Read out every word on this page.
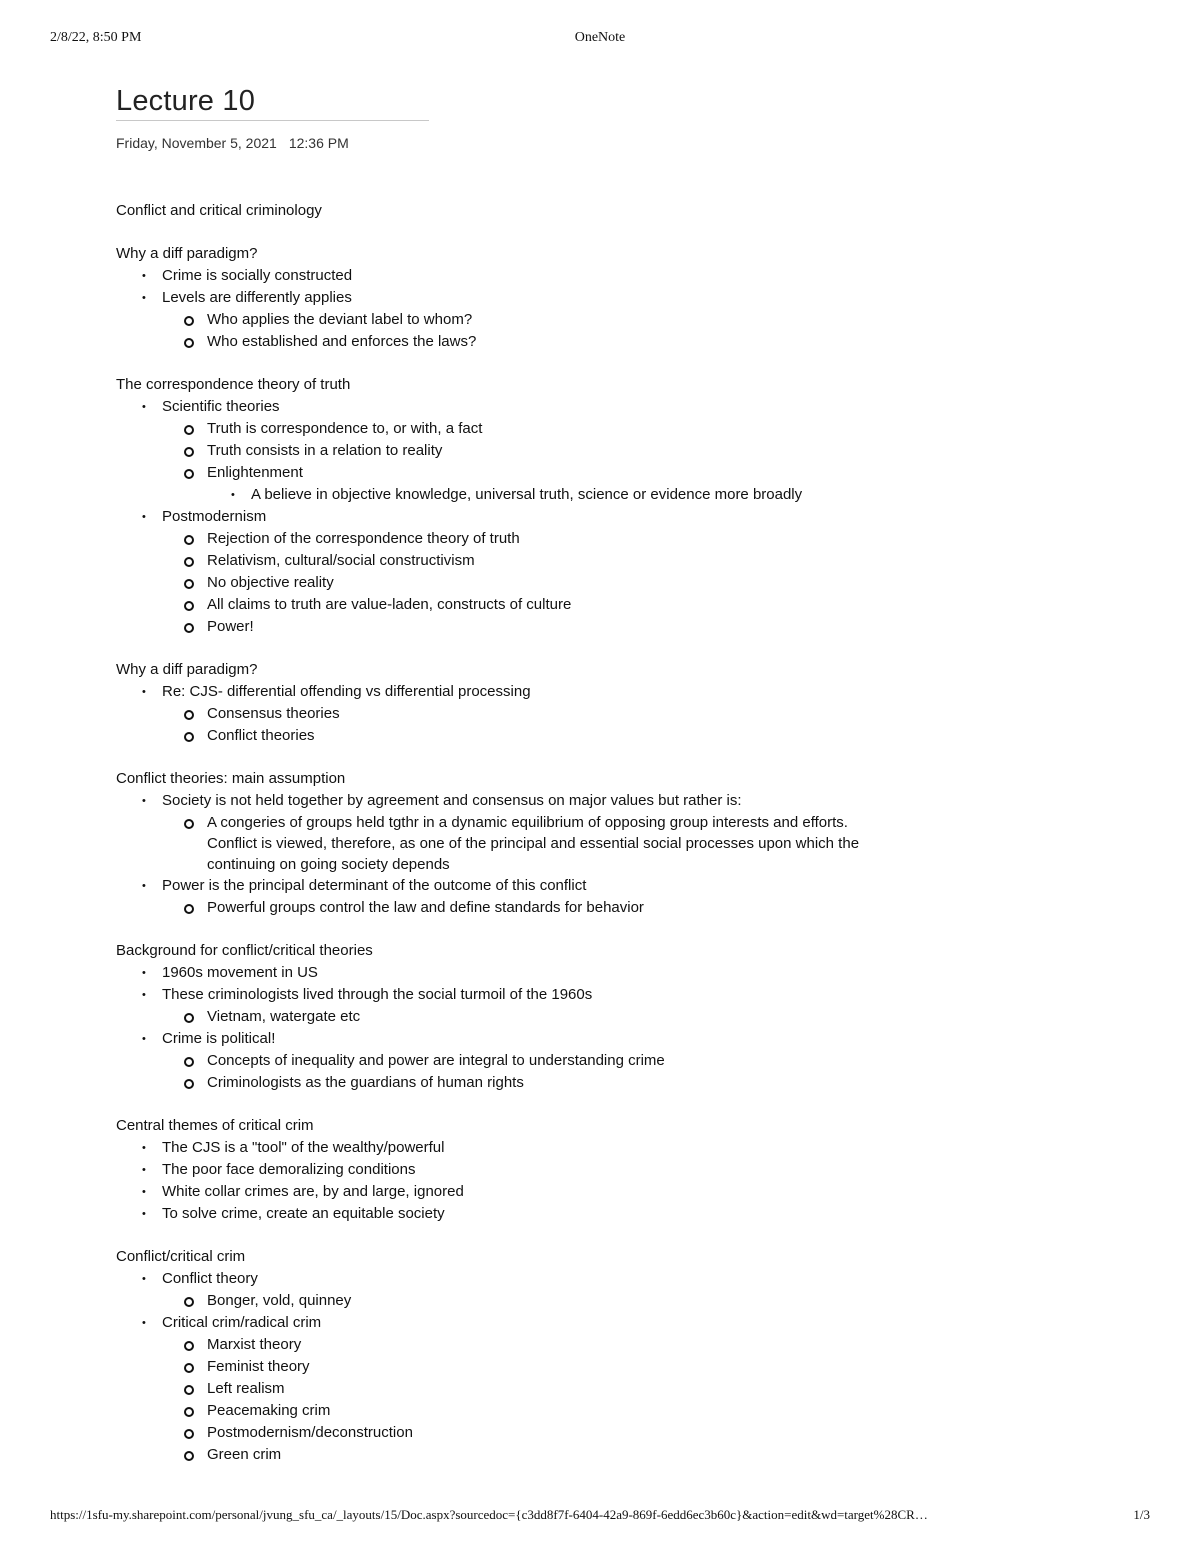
2/8/22, 8:50 PM	OneNote
Lecture 10
Friday, November 5, 2021 12:36 PM

Conflict and critical criminology

Why a diff paradigm?

• Crime is socially constructed
• Levels are differently applies
Who applies the deviant label to whom?
Who established and enforces the laws?

The correspondence theory of truth

• Scientific theories
Truth is correspondence to, or with, a fact
Truth consists in a relation to reality
Enlightenment
• A believe in objective knowledge, universal truth, science or evidence more broadly
• Postmodernism
Rejection of the correspondence theory of truth
Relativism, cultural/social constructivism
No objective reality
All claims to truth are value-laden, constructs of culture
Power!

Why a diff paradigm?

• Re: CJS- differential offending vs differential processing
Consensus theories
Conflict theories

Conflict theories: main assumption

• Society is not held together by agreement and consensus on major values but rather is:
A congeries of groups held tgthr in a dynamic equilibrium of opposing group interests and efforts. Conflict is viewed, therefore, as one of the principal and essential social processes upon which the continuing on going society depends
• Power is the principal determinant of the outcome of this conflict
Powerful groups control the law and define standards for behavior

Background for conflict/critical theories

• 1960s movement in US
• These criminologists lived through the social turmoil of the 1960s
Vietnam, watergate etc
• Crime is political!
Concepts of inequality and power are integral to understanding crime
Criminologists as the guardians of human rights

Central themes of critical crim

• The CJS is a "tool" of the wealthy/powerful
• The poor face demoralizing conditions
• White collar crimes are, by and large, ignored
• To solve crime, create an equitable society

Conflict/critical crim

• Conflict theory
Bonger, vold, quinney
• Critical crim/radical crim
Marxist theory
Feminist theory
Left realism
Peacemaking crim
Postmodernism/deconstruction
Green crim
https://1sfu-my.sharepoint.com/personal/jvung_sfu_ca/_layouts/15/Doc.aspx?sourcedoc={c3dd8f7f-6404-42a9-869f-6edd6ec3b60c}&action=edit&wd=target%28CR…	1/3
